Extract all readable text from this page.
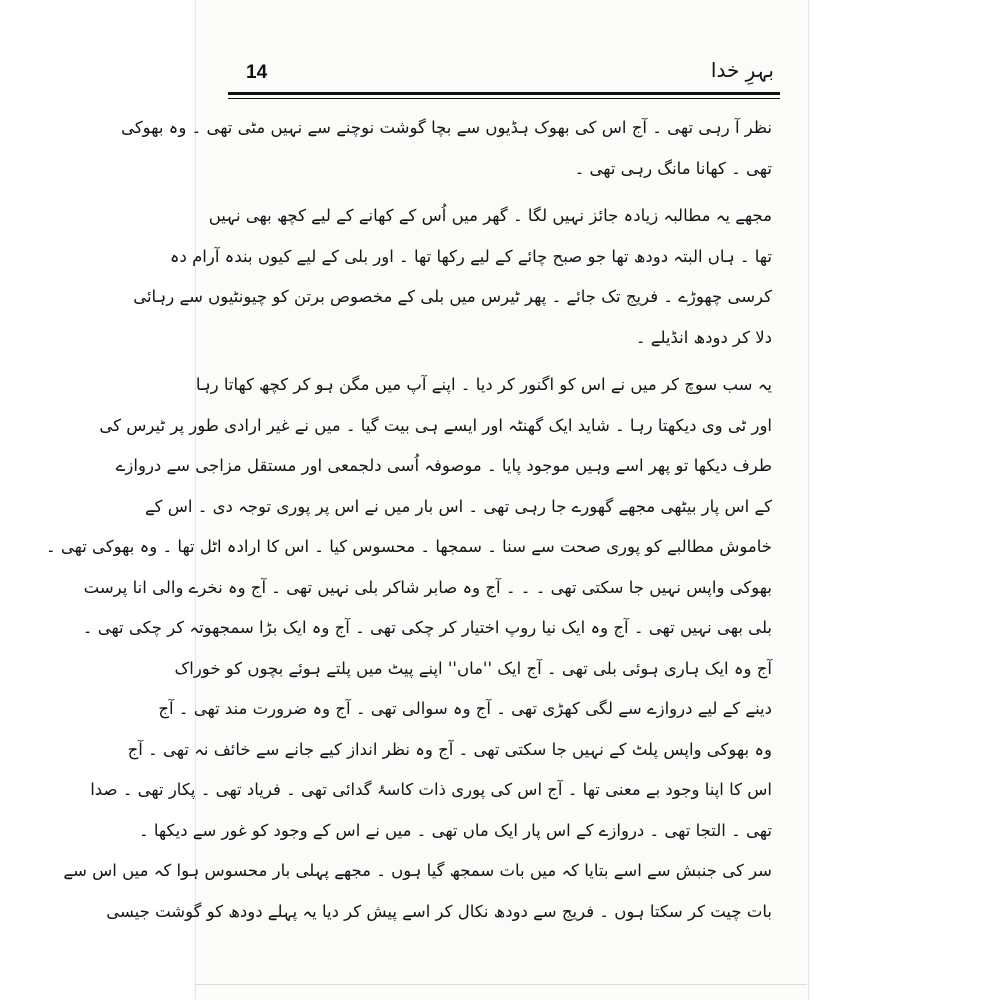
14	بہرِ خدا
نظر آ رہی تھی ۔ آج اس کی بھوک ہڈیوں سے بچا گوشت نوچنے سے نہیں مٹی تھی ۔ وہ بھوکی
تھی ۔ کھانا مانگ رہی تھی ۔
مجھے یہ مطالبہ زیادہ جائز نہیں لگا ۔ گھر میں اُس کے کھانے کے لیے کچھ بھی نہیں
تھا ۔ ہاں البتہ دودھ تھا جو صبح چائے کے لیے رکھا تھا ۔ اور بلی کے لیے کیوں بندہ آرام دہ
کرسی چھوڑے ۔ فریج تک جائے ۔ پھر ٹیرس میں بلی کے مخصوص برتن کو چیونٹیوں سے رہائی
دلا کر دودھ انڈیلے ۔
یہ سب سوچ کر میں نے اس کو اگنور کر دیا ۔ اپنے آپ میں مگن ہو کر کچھ کھاتا رہا
اور ٹی وی دیکھتا رہا ۔ شاید ایک گھنٹہ اور ایسے ہی بیت گیا ۔ میں نے غیر ارادی طور پر ٹیرس کی
طرف دیکھا تو پھر اسے وہیں موجود پایا ۔ موصوفہ اُسی دلجمعی اور مستقل مزاجی سے دروازے
کے اس پار بیٹھی مجھے گھورے جا رہی تھی ۔ اس بار میں نے اس پر پوری توجہ دی ۔ اس کے
خاموش مطالبے کو پوری صحت سے سنا ۔ سمجھا ۔ محسوس کیا ۔ اس کا ارادہ اٹل تھا ۔ وہ بھوکی تھی ۔
بھوکی واپس نہیں جا سکتی تھی ۔ ۔ ۔ آج وہ صابر شاکر بلی نہیں تھی ۔ آج وہ نخرے والی انا پرست
بلی بھی نہیں تھی ۔ آج وہ ایک نیا روپ اختیار کر چکی تھی ۔ آج وہ ایک بڑا سمجھوتہ کر چکی تھی ۔
آج وہ ایک ہاری ہوئی بلی تھی ۔ آج ایک ''ماں'' اپنے پیٹ میں پلتے ہوئے بچوں کو خوراک
دینے کے لیے دروازے سے لگی کھڑی تھی ۔ آج وہ سوالی تھی ۔ آج وہ ضرورت مند تھی ۔ آج
وہ بھوکی واپس پلٹ کے نہیں جا سکتی تھی ۔ آج وہ نظر انداز کیے جانے سے خائف نہ تھی ۔ آج
اس کا اپنا وجود بے معنی تھا ۔ آج اس کی پوری ذات کاسۂ گدائی تھی ۔ فریاد تھی ۔ پکار تھی ۔ صدا
تھی ۔ التجا تھی ۔ دروازے کے اس پار ایک ماں تھی ۔ میں نے اس کے وجود کو غور سے دیکھا ۔
سر کی جنبش سے اسے بتایا کہ میں بات سمجھ گیا ہوں ۔ مجھے پہلی بار محسوس ہوا کہ میں اس سے
بات چیت کر سکتا ہوں ۔ فریج سے دودھ نکال کر اسے پیش کر دیا یہ پہلے دودھ کو گوشت جیسی
